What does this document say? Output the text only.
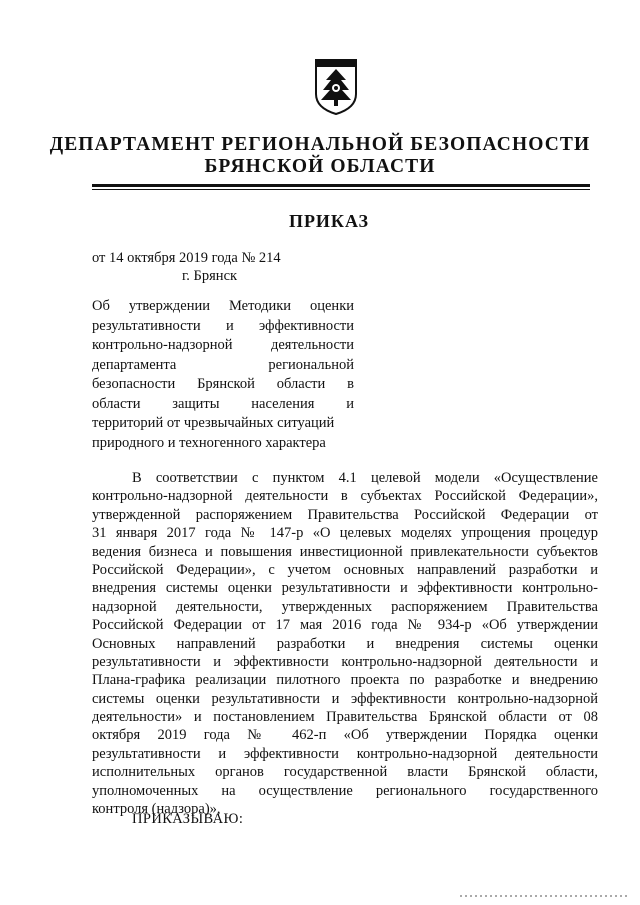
ДЕПАРТАМЕНТ РЕГИОНАЛЬНОЙ БЕЗОПАСНОСТИ
БРЯНСКОЙ ОБЛАСТИ
ПРИКАЗ
от 14 октября 2019 года № 214
г. Брянск
Об утверждении Методики оценки
результативности и эффективности
контрольно-надзорной	деятельности
департамента	региональной
безопасности Брянской области в
области защиты населения и
территорий от чрезвычайных ситуаций
природного и техногенного характера
В соответствии с пунктом 4.1 целевой модели «Осуществление
контрольно-надзорной деятельности в субъектах Российской Федерации»,
утвержденной распоряжением Правительства Российской Федерации от
31 января 2017 года № 147-р «О целевых моделях упрощения процедур
ведения бизнеса и повышения инвестиционной привлекательности субъектов
Российской Федерации», с учетом основных направлений разработки и
внедрения системы оценки результативности и эффективности контрольно-
надзорной деятельности, утвержденных распоряжением Правительства
Российской Федерации от 17 мая 2016 года № 934-р «Об утверждении
Основных направлений разработки и внедрения системы оценки
результативности и эффективности контрольно-надзорной деятельности и
Плана-графика реализации пилотного проекта по разработке и внедрению
системы оценки результативности и эффективности контрольно-надзорной
деятельности» и постановлением Правительства Брянской области от 08
октября 2019 года № 462-п «Об утверждении Порядка оценки
результативности и эффективности контрольно-надзорной деятельности
исполнительных органов государственной власти Брянской области,
уполномоченных на осуществление регионального государственного
контроля (надзора)»,
ПРИКАЗЫВАЮ:
